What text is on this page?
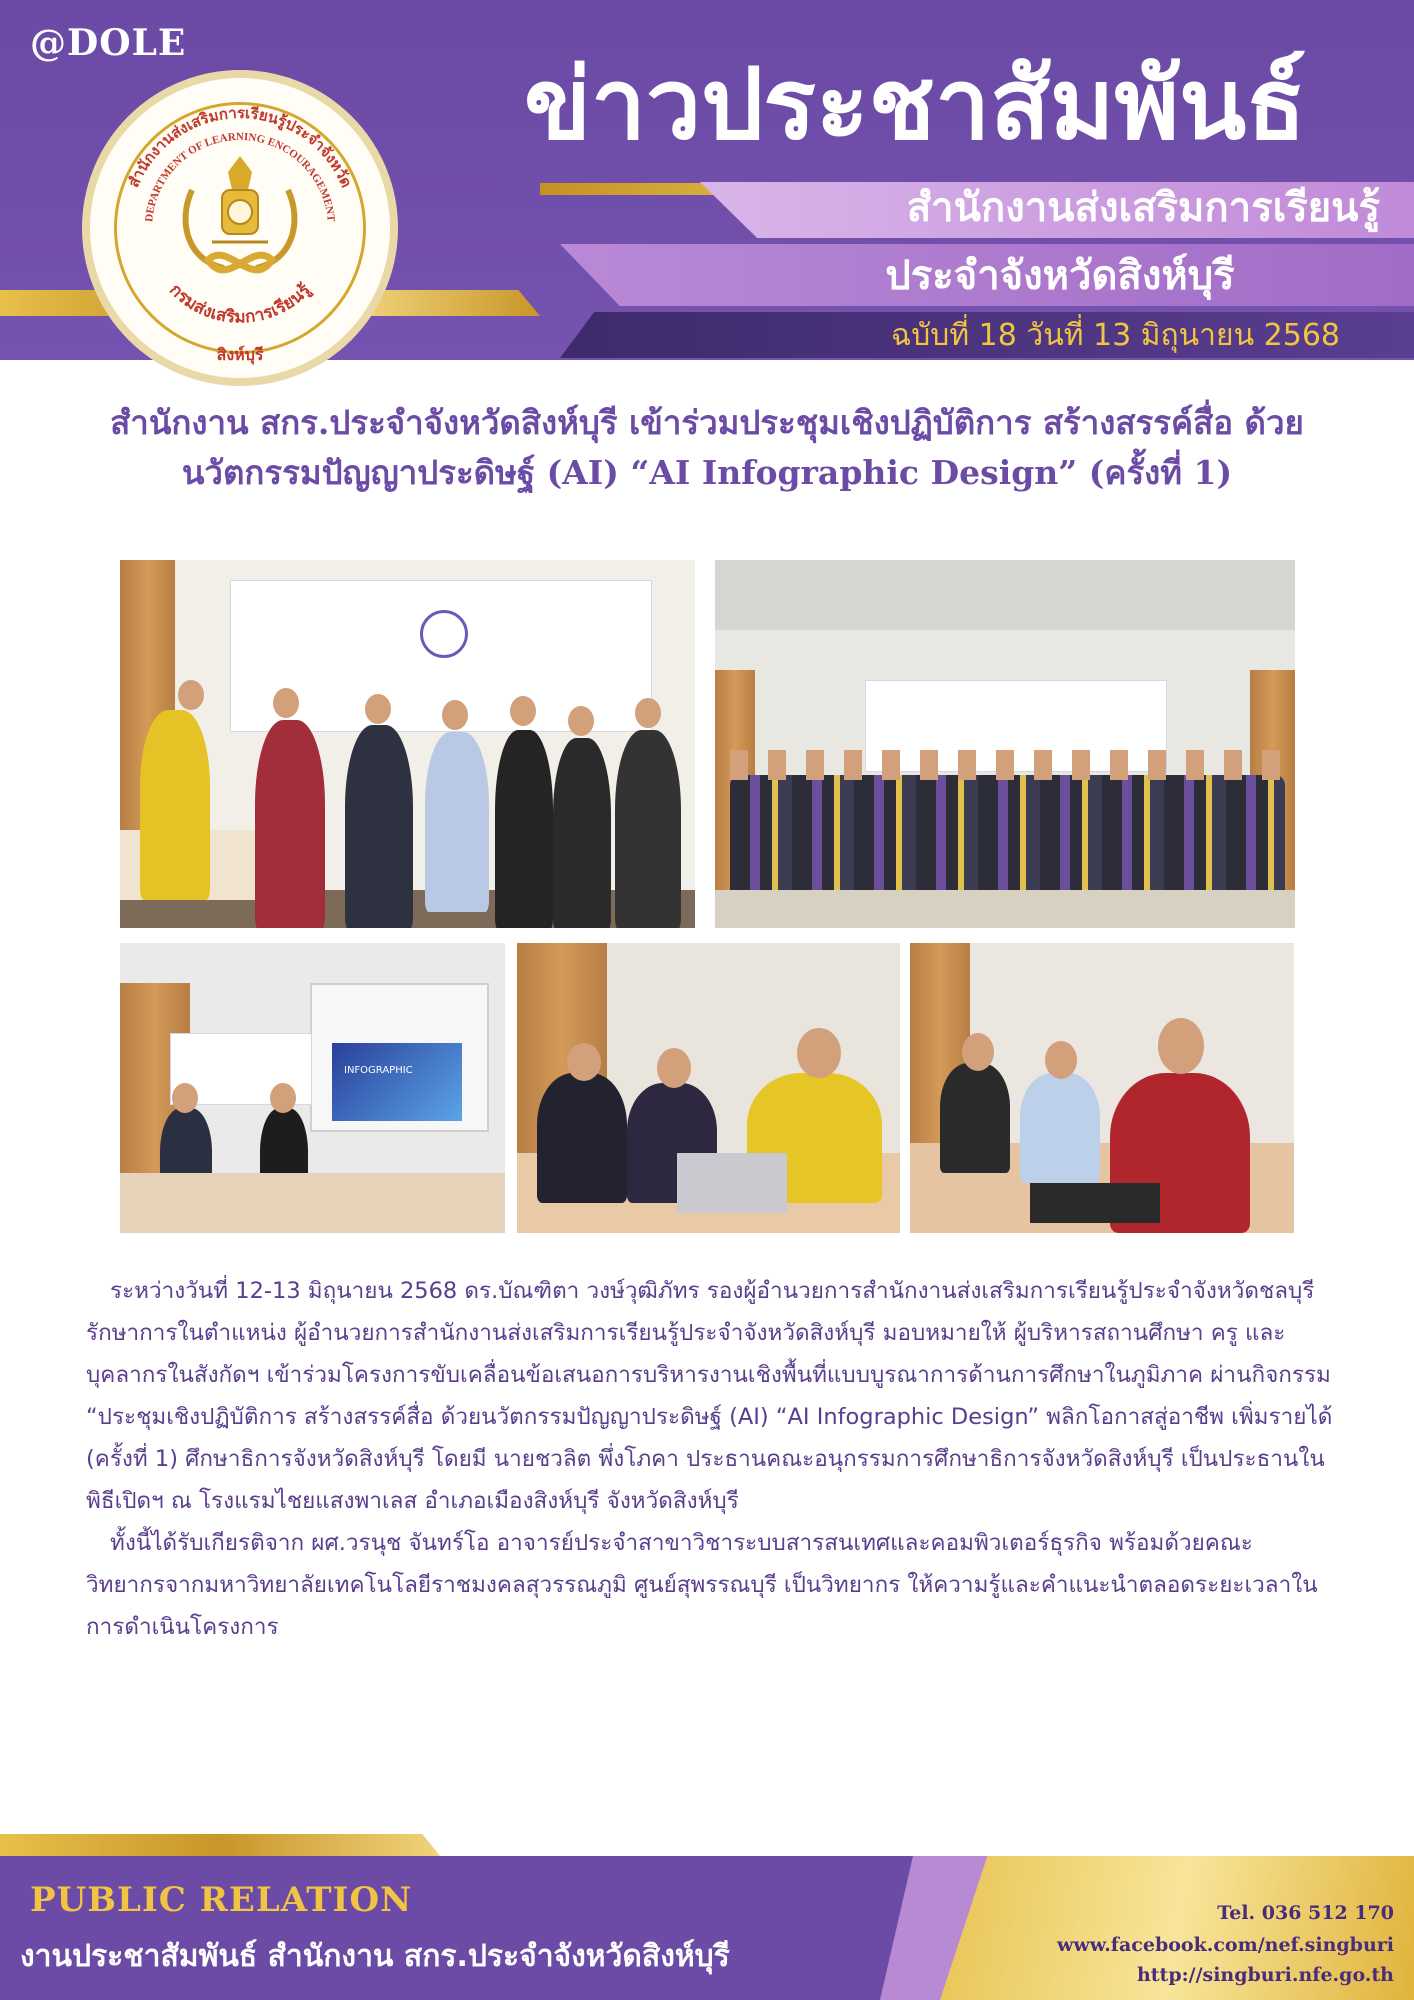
@DOLE
ข่าวประชาสัมพันธ์
สำนักงานส่งเสริมการเรียนรู้
ประจำจังหวัดสิงห์บุรี
ฉบับที่ 18 วันที่ 13 มิถุนายน 2568
สำนักงานส่งเสริมการเรียนรู้ประจำจังหวัด
DEPARTMENT OF LEARNING ENCOURAGEMENT
กรมส่งเสริมการเรียนรู้
สิงห์บุรี
สำนักงาน สกร.ประจำจังหวัดสิงห์บุรี เข้าร่วมประชุมเชิงปฏิบัติการ สร้างสรรค์สื่อ ด้วยนวัตกรรมปัญญาประดิษฐ์ (AI) “AI Infographic Design” (ครั้งที่ 1)
INFOGRAPHIC

ระหว่างวันที่ 12-13 มิถุนายน 2568 ดร.บัณฑิตา วงษ์วุฒิภัทร รองผู้อำนวยการสำนักงานส่งเสริมการเรียนรู้ประจำจังหวัดชลบุรี รักษาการในตำแหน่ง ผู้อำนวยการสำนักงานส่งเสริมการเรียนรู้ประจำจังหวัดสิงห์บุรี มอบหมายให้ ผู้บริหารสถานศึกษา ครู และบุคลากรในสังกัดฯ เข้าร่วมโครงการขับเคลื่อนข้อเสนอการบริหารงานเชิงพื้นที่แบบบูรณาการด้านการศึกษาในภูมิภาค ผ่านกิจกรรม “ประชุมเชิงปฏิบัติการ สร้างสรรค์สื่อ ด้วยนวัตกรรมปัญญาประดิษฐ์ (AI) “AI Infographic Design” พลิกโอกาสสู่อาชีพ เพิ่มรายได้ (ครั้งที่ 1) ศึกษาธิการจังหวัดสิงห์บุรี โดยมี นายชวลิต พึ่งโภคา ประธานคณะอนุกรรมการศึกษาธิการจังหวัดสิงห์บุรี เป็นประธานในพิธีเปิดฯ ณ โรงแรมไชยแสงพาเลส อำเภอเมืองสิงห์บุรี จังหวัดสิงห์บุรี

ทั้งนี้ได้รับเกียรติจาก ผศ.วรนุช จันทร์โอ อาจารย์ประจำสาขาวิชาระบบสารสนเทศและคอมพิวเตอร์ธุรกิจ พร้อมด้วยคณะ วิทยากรจากมหาวิทยาลัยเทคโนโลยีราชมงคลสุวรรณภูมิ ศูนย์สุพรรณบุรี เป็นวิทยากร ให้ความรู้และคำแนะนำตลอดระยะเวลาในการดำเนินโครงการ

PUBLIC RELATION
งานประชาสัมพันธ์ สำนักงาน สกร.ประจำจังหวัดสิงห์บุรี
Tel. 036 512 170
www.facebook.com/nef.singburi
http://singburi.nfe.go.th
